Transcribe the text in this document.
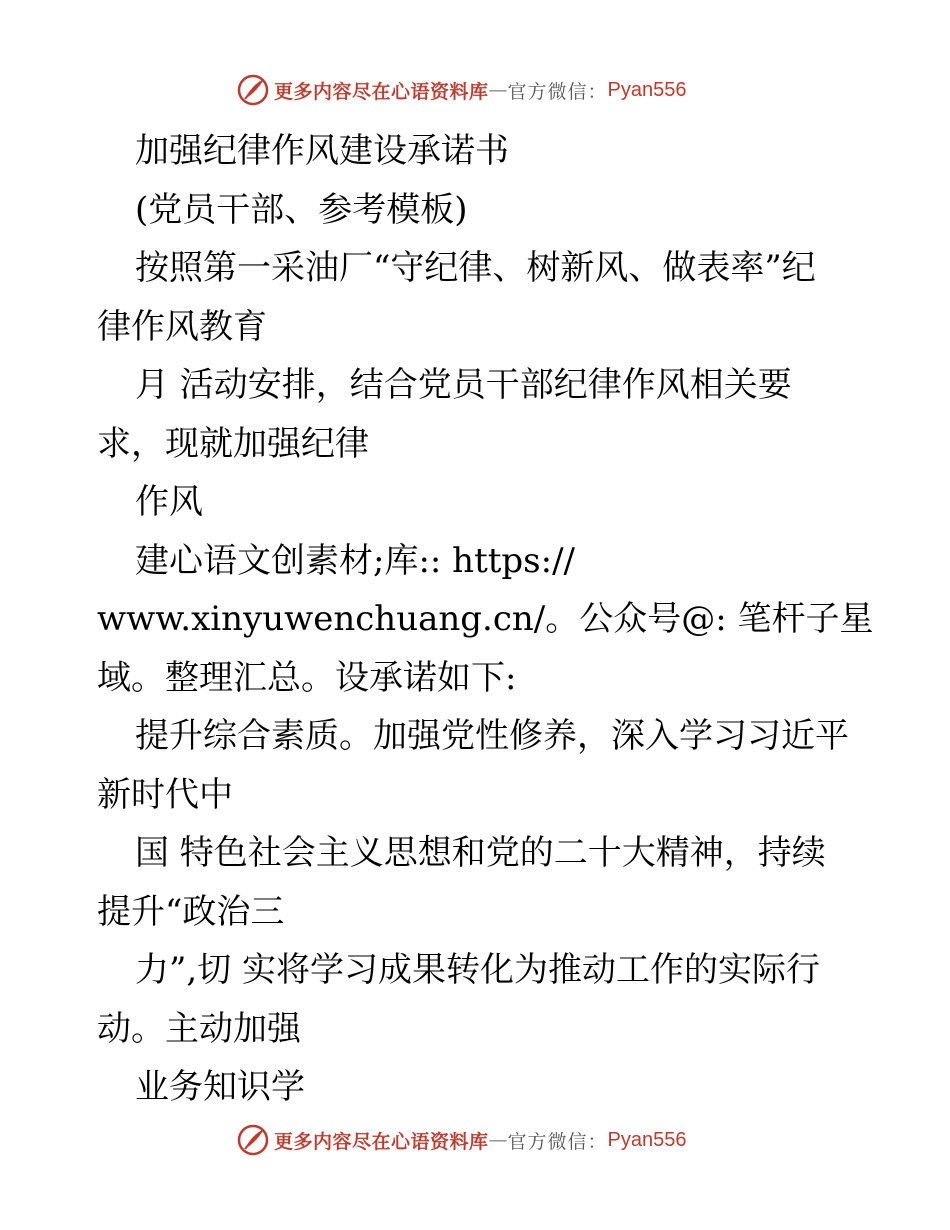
更多内容尽在心语资料库 — 官方微信： Pyan556
加强纪律作风建设承诺书
(党员干部、参考模板)
按照第一采油厂“守纪律、树新风、做表率”纪
律作风教育
月 活动安排，结合党员干部纪律作风相关要
求，现就加强纪律
作风
建心语文创素材;库:: https://
www.xinyuwenchuang.cn/。公众号@: 笔杆子星
域。整理汇总。设承诺如下:
提升综合素质。加强党性修养，深入学习习近平
新时代中
国 特色社会主义思想和党的二十大精神，持续
提升“政治三
力”,切 实将学习成果转化为推动工作的实际行
动。主动加强
业务知识学
更多内容尽在心语资料库 — 官方微信： Pyan556
